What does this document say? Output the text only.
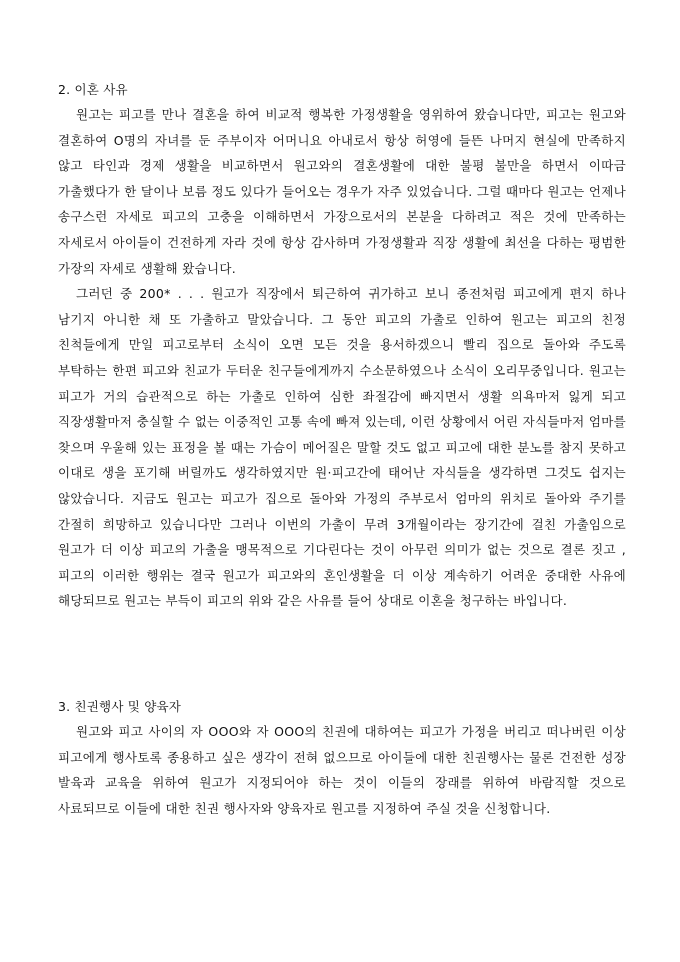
2. 이혼 사유

원고는 피고를 만나 결혼을 하여 비교적 행복한 가정생활을 영위하여 왔습니다만, 피고는 원고와 결혼하여 O명의 자녀를 둔 주부이자 어머니요 아내로서 항상 허영에 들뜬 나머지 현실에 만족하지 않고 타인과 경제 생활을 비교하면서 원고와의 결혼생활에 대한 불평 불만을 하면서 이따금 가출했다가 한 달이나 보름 정도 있다가 들어오는 경우가 자주 있었습니다. 그럴 때마다 원고는 언제나 송구스런 자세로 피고의 고충을 이해하면서 가장으로서의 본분을 다하려고 적은 것에 만족하는 자세로서 아이들이 건전하게 자라 것에 항상 감사하며 가정생활과 직장 생활에 최선을 다하는 평범한 가장의 자세로 생활해 왔습니다.

그러던 중 200* . . . 원고가 직장에서 퇴근하여 귀가하고 보니 종전처럼 피고에게 편지 하나 남기지 아니한 채 또 가출하고 말았습니다. 그 동안 피고의 가출로 인하여 원고는 피고의 친정 친척들에게 만일 피고로부터 소식이 오면 모든 것을 용서하겠으니 빨리 집으로 돌아와 주도록 부탁하는 한편 피고와 친교가 두터운 친구들에게까지 수소문하였으나 소식이 오리무중입니다. 원고는 피고가 거의 습관적으로 하는 가출로 인하여 심한 좌절감에 빠지면서 생활 의욕마저 잃게 되고 직장생활마저 충실할 수 없는 이중적인 고통 속에 빠져 있는데, 이런 상황에서 어린 자식들마저 엄마를 찾으며 우울해 있는 표정을 볼 때는 가슴이 메어질은 말할 것도 없고 피고에 대한 분노를 참지 못하고 이대로 생을 포기해 버릴까도 생각하였지만 원·피고간에 태어난 자식들을 생각하면 그것도 쉽지는 않았습니다. 지금도 원고는 피고가 집으로 돌아와 가정의 주부로서 엄마의 위치로 돌아와 주기를 간절히 희망하고 있습니다만 그러나 이번의 가출이 무려 3개월이라는 장기간에 걸친 가출임으로 원고가 더 이상 피고의 가출을 맹목적으로 기다린다는 것이 아무런 의미가 없는 것으로 결론 짓고 ,피고의 이러한 행위는 결국 원고가 피고와의 혼인생활을 더 이상 계속하기 어려운 중대한 사유에 해당되므로 원고는 부득이 피고의 위와 같은 사유를 들어 상대로 이혼을 청구하는 바입니다.

3. 친권행사 및 양육자

원고와 피고 사이의 자 OOO와 자 OOO의 친권에 대하여는 피고가 가정을 버리고 떠나버린 이상 피고에게 행사토록 종용하고 싶은 생각이 전혀 없으므로 아이들에 대한 친권행사는 물론 건전한 성장 발육과 교육을 위하여 원고가 지정되어야 하는 것이 이들의 장래를 위하여 바람직할 것으로 사료되므로 이들에 대한 친권 행사자와 양육자로 원고를 지정하여 주실 것을 신청합니다.
